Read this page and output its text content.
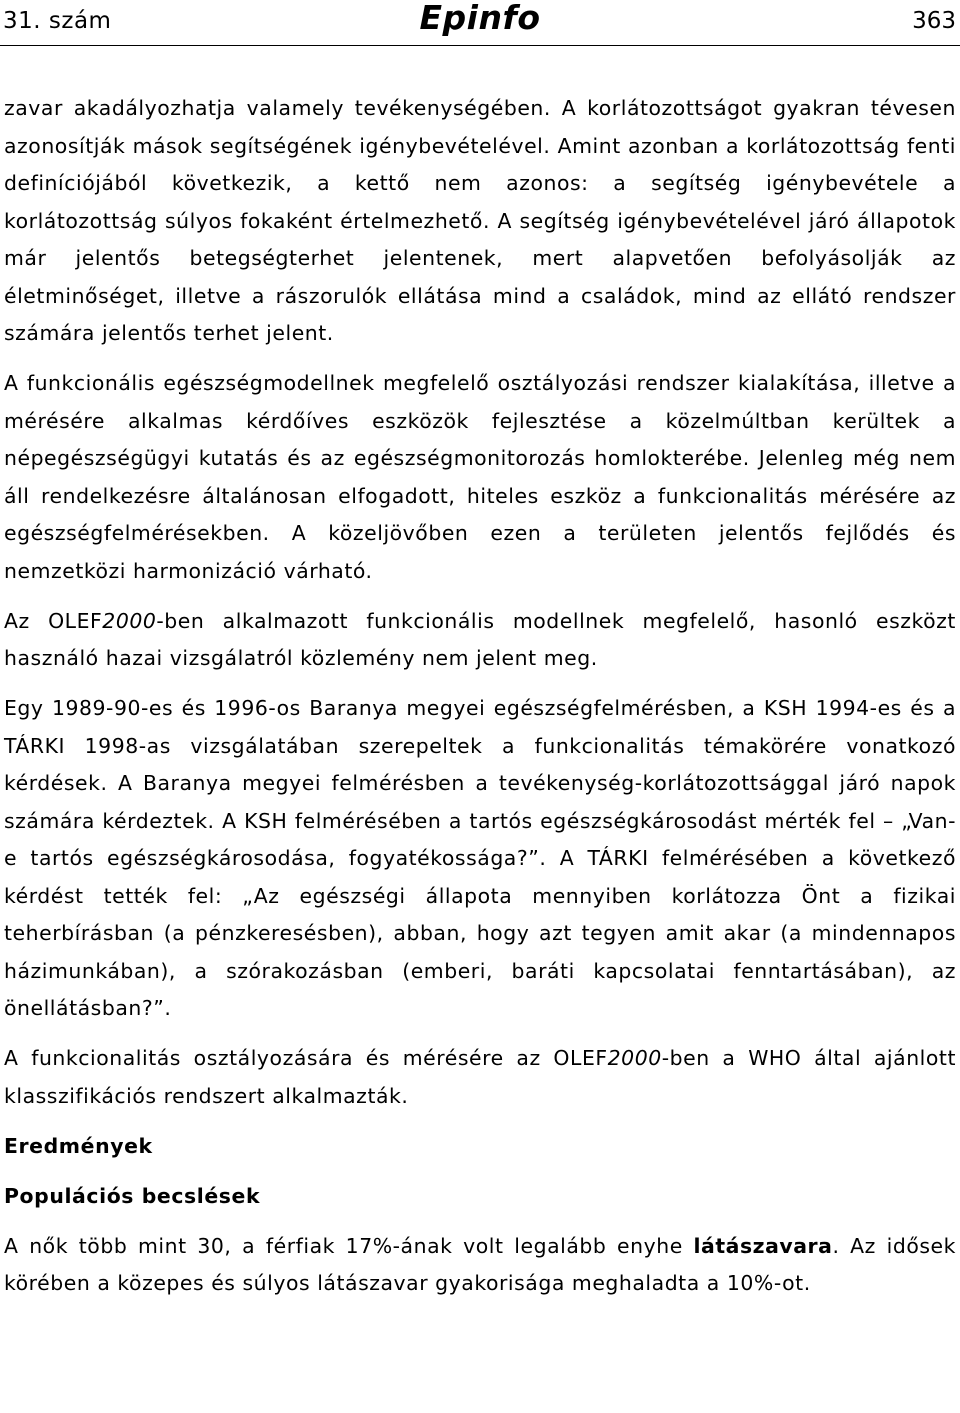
31. szám	Epinfo	363

zavar akadályozhatja valamely tevékenységében. A korlátozottságot gyakran tévesen azonosítják mások segítségének igénybevételével. Amint azonban a korlátozottság fenti definíciójából következik, a kettő nem azonos: a segítség igénybevétele a korlátozottság súlyos fokaként értelmezhető. A segítség igénybevételével járó állapotok már jelentős betegségterhet jelentenek, mert alapvetően befolyásolják az életminőséget, illetve a rászorulók ellátása mind a családok, mind az ellátó rendszer számára jelentős terhet jelent.

A funkcionális egészségmodellnek megfelelő osztályozási rendszer kialakítása, illetve a mérésére alkalmas kérdőíves eszközök fejlesztése a közelmúltban kerültek a népegészségügyi kutatás és az egészségmonitorozás homlokterébe. Jelenleg még nem áll rendelkezésre általánosan elfogadott, hiteles eszköz a funkcionalitás mérésére az egészségfelmérésekben. A közeljövőben ezen a területen jelentős fejlődés és nemzetközi harmonizáció várható.

Az OLEF2000-ben alkalmazott funkcionális modellnek megfelelő, hasonló eszközt használó hazai vizsgálatról közlemény nem jelent meg.

Egy 1989-90-es és 1996-os Baranya megyei egészségfelmérésben, a KSH 1994-es és a TÁRKI 1998-as vizsgálatában szerepeltek a funkcionalitás témakörére vonatkozó kérdések. A Baranya megyei felmérésben a tevékenység-korlátozottsággal járó napok számára kérdeztek. A KSH felmérésében a tartós egészségkárosodást mérték fel – „Van-e tartós egészségkárosodása, fogyatékossága?”. A TÁRKI felmérésében a következő kérdést tették fel: „Az egészségi állapota mennyiben korlátozza Önt a fizikai teherbírásban (a pénzkeresésben), abban, hogy azt tegyen amit akar (a mindennapos házimunkában), a szórakozásban (emberi, baráti kapcsolatai fenntartásában), az önellátásban?”.

A funkcionalitás osztályozására és mérésére az OLEF2000-ben a WHO által ajánlott klasszifikációs rendszert alkalmazták.

Eredmények
Populációs becslések

A nők több mint 30, a férfiak 17%-ának volt legalább enyhe látászavara. Az idősek körében a közepes és súlyos látászavar gyakorisága meghaladta a 10%-ot.
